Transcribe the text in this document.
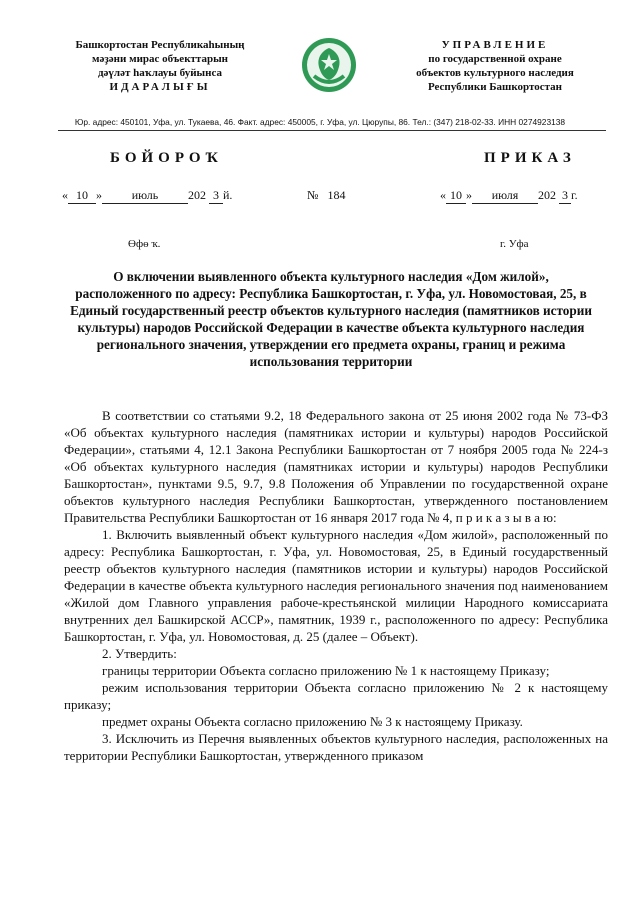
Башкортостан Республикаһының
мәҙәни мирас объекттарын
дәүләт һаҡлауы буйынса
ИДАРАЛЫҒЫ
УПРАВЛЕНИЕ
по государственной охране
объектов культурного наследия
Республики Башкортостан
Юр. адрес: 450101, Уфа, ул. Тукаева, 46. Факт. адрес: 450005, г. Уфа, ул. Цюрупы, 86. Тел.: (347) 218-02-33. ИНН 0274923138
БОЙОРОҠ	ПРИКАЗ
« 10 » июль 202 3 й.	№ 184	« 10 » июля 202 3 г.
Өфө ҡ.	г. Уфа
О включении выявленного объекта культурного наследия «Дом жилой», расположенного по адресу: Республика Башкортостан, г. Уфа, ул. Новомостовая, 25, в Единый государственный реестр объектов культурного наследия (памятников истории культуры) народов Российской Федерации в качестве объекта культурного наследия регионального значения, утверждении его предмета охраны, границ и режима использования территории

В соответствии со статьями 9.2, 18 Федерального закона от 25 июня 2002 года № 73-ФЗ «Об объектах культурного наследия (памятниках истории и культуры) народов Российской Федерации», статьями 4, 12.1 Закона Республики Башкортостан от 7 ноября 2005 года № 224-з «Об объектах культурного наследия (памятниках истории и культуры) народов Республики Башкортостан», пунктами 9.5, 9.7, 9.8 Положения об Управлении по государственной охране объектов культурного наследия Республики Башкортостан, утвержденного постановлением Правительства Республики Башкортостан от 16 января 2017 года № 4, п р и к а з ы в а ю:

1. Включить выявленный объект культурного наследия «Дом жилой», расположенный по адресу: Республика Башкортостан, г. Уфа, ул. Новомостовая, 25, в Единый государственный реестр объектов культурного наследия (памятников истории и культуры) народов Российской Федерации в качестве объекта культурного наследия регионального значения под наименованием «Жилой дом Главного управления рабоче-крестьянской милиции Народного комиссариата внутренних дел Башкирской АССР», памятник, 1939 г., расположенного по адресу: Республика Башкортостан, г. Уфа, ул. Новомостовая, д. 25 (далее – Объект).

2. Утвердить:

границы территории Объекта согласно приложению № 1 к настоящему Приказу;

режим использования территории Объекта согласно приложению № 2 к настоящему приказу;

предмет охраны Объекта согласно приложению № 3 к настоящему Приказу.

3. Исключить из Перечня выявленных объектов культурного наследия, расположенных на территории Республики Башкортостан, утвержденного приказом
